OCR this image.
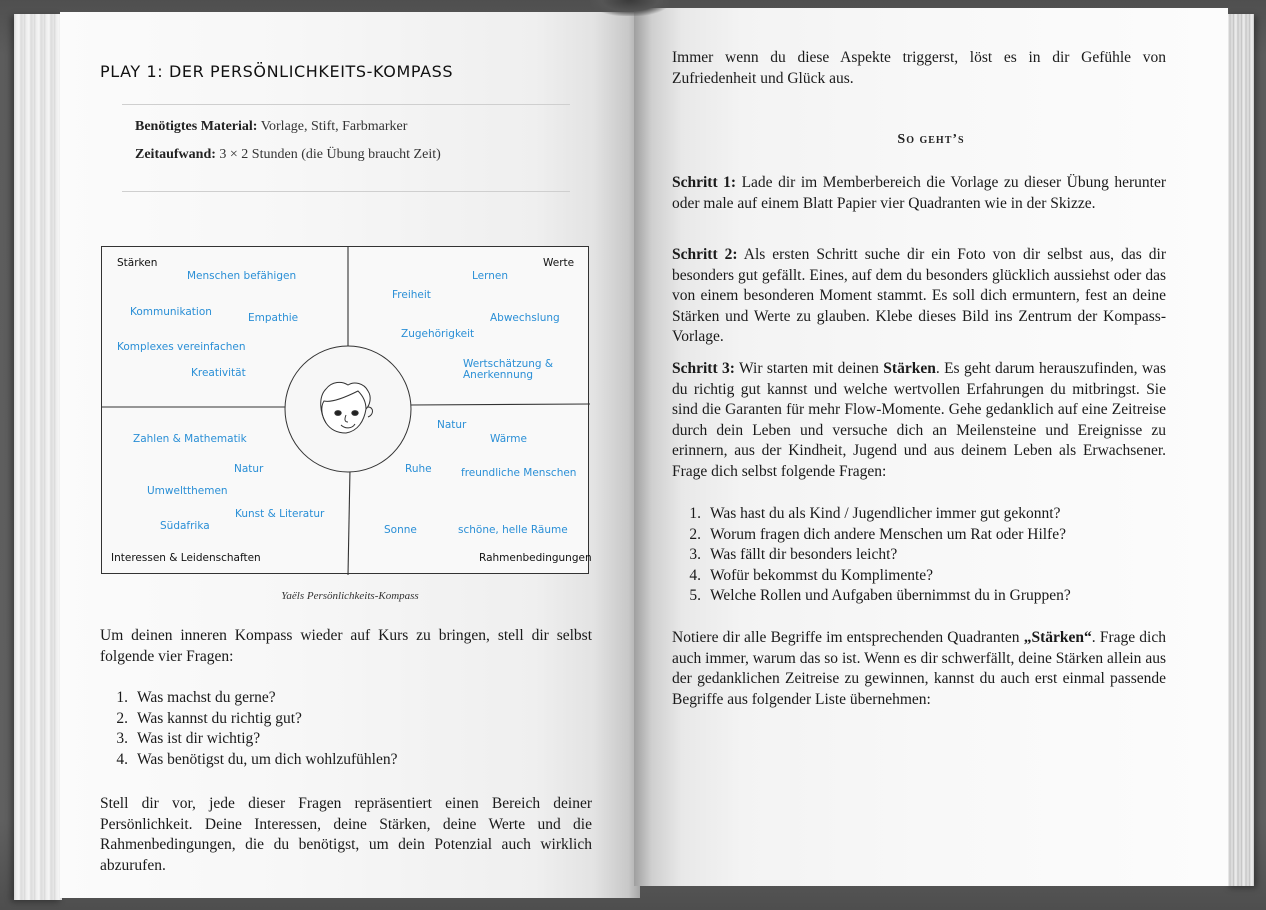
PLAY 1: DER PERSÖNLICHKEITS-KOMPASS
Benötigtes Material: Vorlage, Stift, Farbmarker
Zeitaufwand: 3 × 2 Stunden (die Übung braucht Zeit)
Stärken
Menschen befähigen
Kommunikation	Empathie
Komplexes vereinfachen
Kreativität
Werte
Lernen
Freiheit
Abwechslung
Zugehörigkeit
Wertschätzung &
Anerkennung
Zahlen & Mathematik
Natur
Umweltthemen
Kunst & Literatur
Südafrika
Interessen & Leidenschaften
Natur
Wärme
Ruhe	freundliche Menschen
Sonne	schöne, helle Räume
Rahmenbedingungen
Yaëls Persönlichkeits-Kompass

Um deinen inneren Kompass wieder auf Kurs zu bringen, stell dir selbst folgende vier Fragen:

1. Was machst du gerne?
2. Was kannst du richtig gut?
3. Was ist dir wichtig?
4. Was benötigst du, um dich wohlzufühlen?

Stell dir vor, jede dieser Fragen repräsentiert einen Bereich deiner Persönlichkeit. Deine Interessen, deine Stärken, deine Werte und die Rahmenbedingungen, die du benötigst, um dein Potenzial auch wirklich abzurufen.

Immer wenn du diese Aspekte triggerst, löst es in dir Gefühle von Zufriedenheit und Glück aus.

So geht’s

Schritt 1: Lade dir im Memberbereich die Vorlage zu dieser Übung herunter oder male auf einem Blatt Papier vier Quadranten wie in der Skizze.

Schritt 2: Als ersten Schritt suche dir ein Foto von dir selbst aus, das dir besonders gut gefällt. Eines, auf dem du besonders glücklich aussiehst oder das von einem besonderen Moment stammt. Es soll dich ermuntern, fest an deine Stärken und Werte zu glauben. Klebe dieses Bild ins Zentrum der Kompass-Vorlage.

Schritt 3: Wir starten mit deinen Stärken. Es geht darum herauszufinden, was du richtig gut kannst und welche wertvollen Erfahrungen du mitbringst. Sie sind die Garanten für mehr Flow-Momente. Gehe gedanklich auf eine Zeitreise durch dein Leben und versuche dich an Meilensteine und Ereignisse zu erinnern, aus der Kindheit, Jugend und aus deinem Leben als Erwachsener. Frage dich selbst folgende Fragen:

1. Was hast du als Kind / Jugendlicher immer gut gekonnt?
2. Worum fragen dich andere Menschen um Rat oder Hilfe?
3. Was fällt dir besonders leicht?
4. Wofür bekommst du Komplimente?
5. Welche Rollen und Aufgaben übernimmst du in Gruppen?

Notiere dir alle Begriffe im entsprechenden Quadranten „Stärken“. Frage dich auch immer, warum das so ist. Wenn es dir schwerfällt, deine Stärken allein aus der gedanklichen Zeitreise zu gewinnen, kannst du auch erst einmal passende Begriffe aus folgender Liste übernehmen:
